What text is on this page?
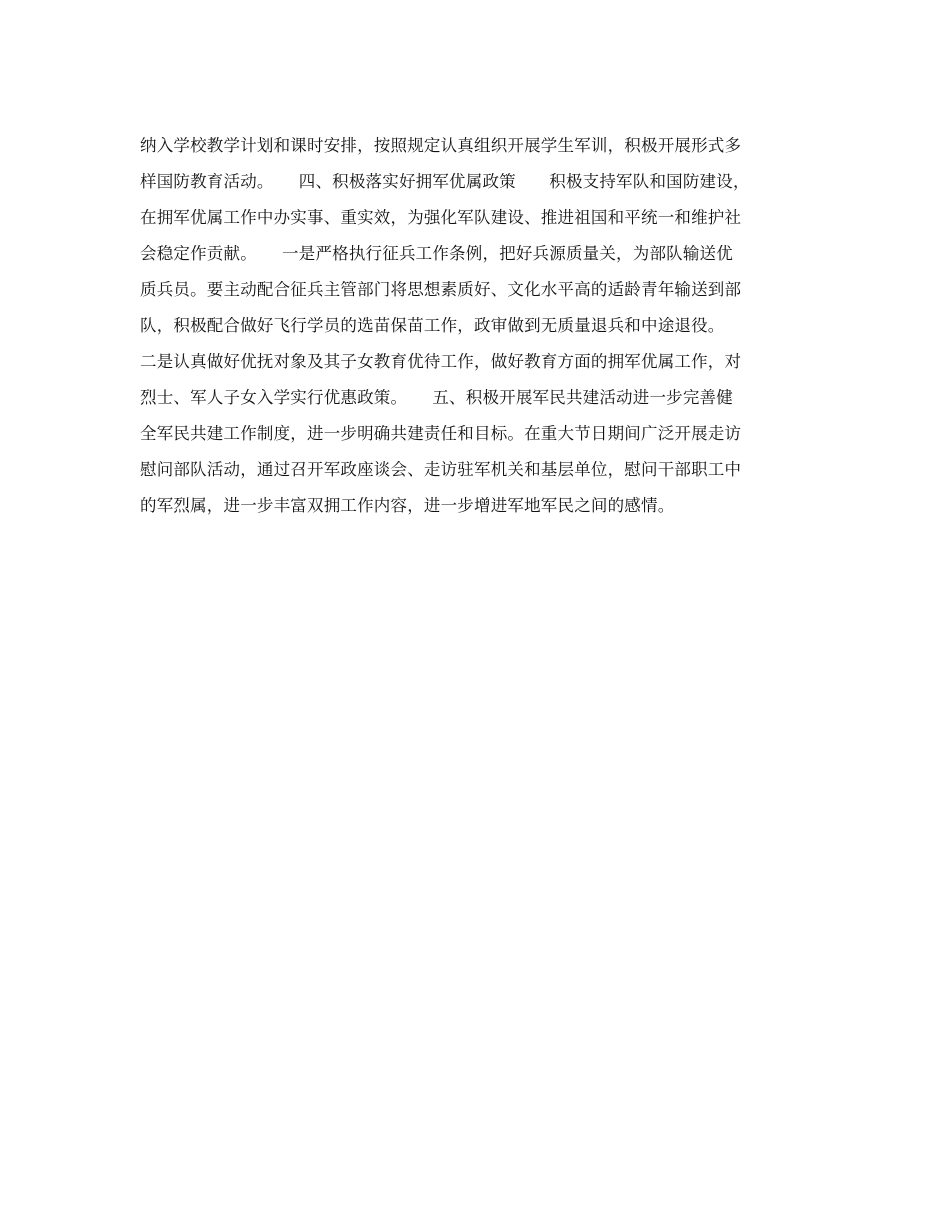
纳入学校教学计划和课时安排，按照规定认真组织开展学生军训，积极开展形式多
样国防教育活动。　　四、积极落实好拥军优属政策　　积极支持军队和国防建设，
在拥军优属工作中办实事、重实效，为强化军队建设、推进祖国和平统一和维护社
会稳定作贡献。　　一是严格执行征兵工作条例，把好兵源质量关，为部队输送优
质兵员。要主动配合征兵主管部门将思想素质好、文化水平高的适龄青年输送到部
队，积极配合做好飞行学员的选苗保苗工作，政审做到无质量退兵和中途退役。
二是认真做好优抚对象及其子女教育优待工作，做好教育方面的拥军优属工作，对
烈士、军人子女入学实行优惠政策。　　五、积极开展军民共建活动进一步完善健
全军民共建工作制度，进一步明确共建责任和目标。在重大节日期间广泛开展走访
慰问部队活动，通过召开军政座谈会、走访驻军机关和基层单位，慰问干部职工中
的军烈属，进一步丰富双拥工作内容，进一步增进军地军民之间的感情。
